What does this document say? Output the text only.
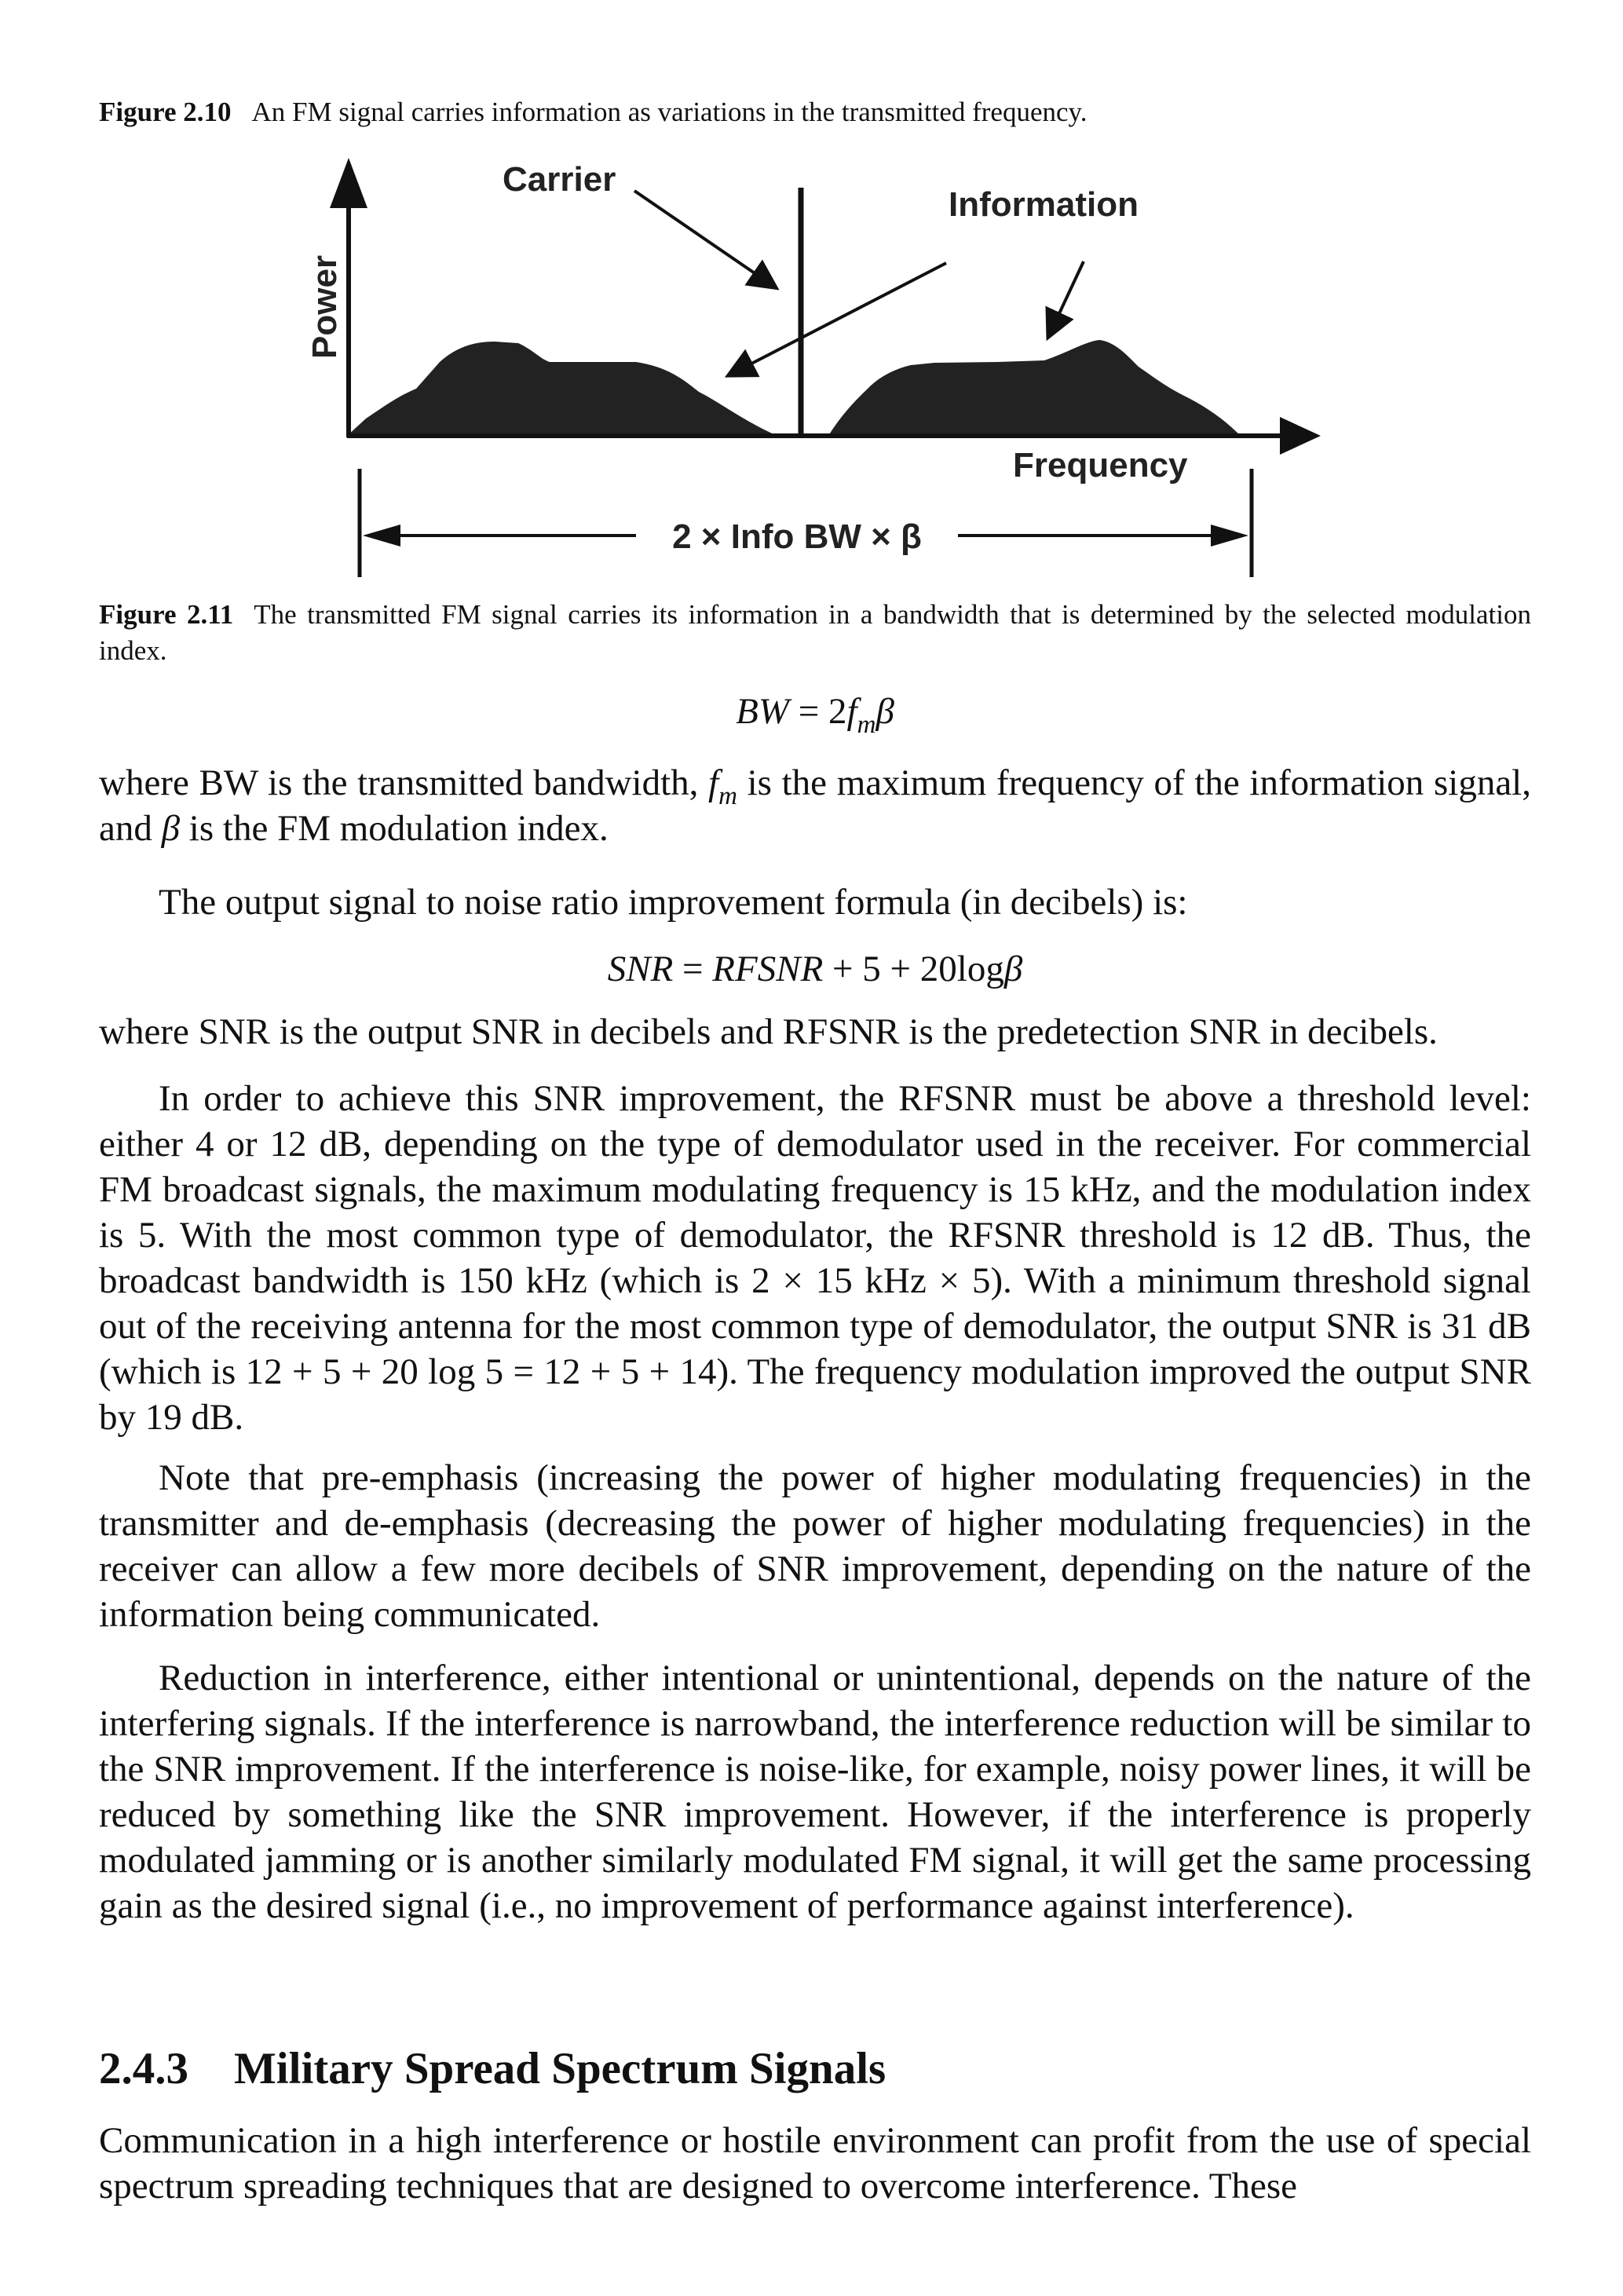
Figure 2.10 An FM signal carries information as variations in the transmitted frequency.
Carrier
Information
Power
Frequency
2 × Info BW × β
Figure 2.11 The transmitted FM signal carries its information in a bandwidth that is determined by the selected modulation index.
BW = $2f_m\beta$

where BW is the transmitted bandwidth, $f_m$ is the maximum frequency of the information signal, and β is the FM modulation index.

The output signal to noise ratio improvement formula (in decibels) is:

SNR = RFSNR + 5 + 20logβ

where SNR is the output SNR in decibels and RFSNR is the predetection SNR in decibels.

In order to achieve this SNR improvement, the RFSNR must be above a threshold level: either 4 or 12 dB, depending on the type of demodulator used in the receiver. For commercial FM broadcast signals, the maximum modulating frequency is 15 kHz, and the modulation index is 5. With the most common type of demodulator, the RFSNR threshold is 12 dB. Thus, the broadcast bandwidth is 150 kHz (which is 2 × 15 kHz × 5). With a minimum threshold signal out of the receiving antenna for the most common type of demodulator, the output SNR is 31 dB (which is 12 + 5 + 20 log 5 = 12 + 5 + 14). The frequency modulation improved the output SNR by 19 dB.

Note that pre-emphasis (increasing the power of higher modulating frequencies) in the transmitter and de-emphasis (decreasing the power of higher modulating frequencies) in the receiver can allow a few more decibels of SNR improvement, depending on the nature of the information being communicated.

Reduction in interference, either intentional or unintentional, depends on the nature of the interfering signals. If the interference is narrowband, the interference reduction will be similar to the SNR improvement. If the interference is noise-like, for example, noisy power lines, it will be reduced by something like the SNR improvement. However, if the interference is properly modulated jamming or is another similarly modulated FM signal, it will get the same processing gain as the desired signal (i.e., no improvement of performance against interference).

2.4.3 Military Spread Spectrum Signals

Communication in a high interference or hostile environment can profit from the use of special spectrum spreading techniques that are designed to overcome interference. These
